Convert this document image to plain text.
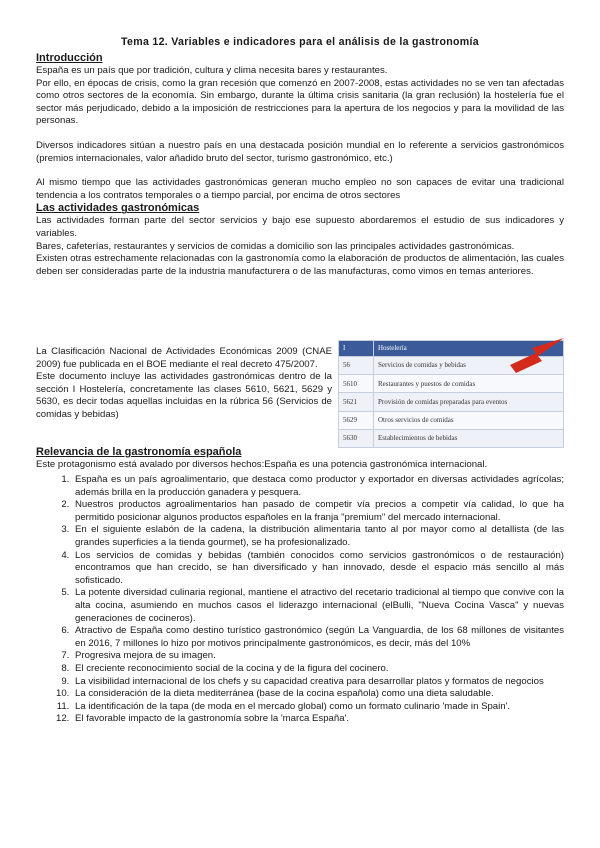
Tema 12. Variables e indicadores para el análisis de la gastronomía
Introducción

España es un país que por tradición, cultura y clima necesita bares y restaurantes.

Por ello, en épocas de crisis, como la gran recesión que comenzó en 2007-2008, estas actividades no se ven tan afectadas como otros sectores de la economía. Sin embargo, durante la última crisis sanitaria (la gran reclusión) la hostelería fue el sector más perjudicado, debido a la imposición de restricciones para la apertura de los negocios y para la movilidad de las personas.

Diversos indicadores sitúan a nuestro país en una destacada posición mundial en lo referente a servicios gastronómicos (premios internacionales, valor añadido bruto del sector, turismo gastronómico, etc.)

Al mismo tiempo que las actividades gastronómicas generan mucho empleo no son capaces de evitar una tradicional tendencia a los contratos temporales o a tiempo parcial, por encima de otros sectores

Las actividades gastronómicas

Las actividades forman parte del sector servicios y bajo ese supuesto abordaremos el estudio de sus indicadores y variables.

Bares, cafeterías, restaurantes y servicios de comidas a domicilio son las principales actividades gastronómicas.

Existen otras estrechamente relacionadas con la gastronomía como la elaboración de productos de alimentación, las cuales deben ser consideradas parte de la industria manufacturera o de las manufacturas, como vimos en temas anteriores.

La Clasificación Nacional de Actividades Económicas 2009 (CNAE 2009) fue publicada en el BOE mediante el real decreto 475/2007.

Este documento incluye las actividades gastronómicas dentro de la sección I Hostelería, concretamente las clases 5610, 5621, 5629 y 5630, es decir todas aquellas incluidas en la rúbrica 56 (Servicios de comidas y bebidas)

I	Hostelería
56	Servicios de comidas y bebidas
5610	Restaurantes y puestos de comidas
5621	Provisión de comidas preparadas para eventos
5629	Otros servicios de comidas
5630	Establecimientos de bebidas
Relevancia de la gastronomía española

Este protagonismo está avalado por diversos hechos:España es una potencia gastronómica internacional.

1. España es un país agroalimentario, que destaca como productor y exportador en diversas actividades agrícolas; además brilla en la producción ganadera y pesquera.
2. Nuestros productos agroalimentarios han pasado de competir vía precios a competir vía calidad, lo que ha permitido posicionar algunos productos españoles en la franja "premium" del mercado internacional.
3. En el siguiente eslabón de la cadena, la distribución alimentaria tanto al por mayor como al detallista (de las grandes superficies a la tienda gourmet), se ha profesionalizado.
4. Los servicios de comidas y bebidas (también conocidos como servicios gastronómicos o de restauración) encontramos que han crecido, se han diversificado y han innovado, desde el espacio más sencillo al más sofisticado.
5. La potente diversidad culinaria regional, mantiene el atractivo del recetario tradicional al tiempo que convive con la alta cocina, asumiendo en muchos casos el liderazgo internacional (elBulli, "Nueva Cocina Vasca" y nuevas generaciones de cocineros).
6. Atractivo de España como destino turístico gastronómico (según La Vanguardia, de los 68 millones de visitantes en 2016, 7 millones lo hizo por motivos principalmente gastronómicos, es decir, más del 10%
7. Progresiva mejora de su imagen.
8. El creciente reconocimiento social de la cocina y de la figura del cocinero.
9. La visibilidad internacional de los chefs y su capacidad creativa para desarrollar platos y formatos de negocios
10. La consideración de la dieta mediterránea (base de la cocina española) como una dieta saludable.
11. La identificación de la tapa (de moda en el mercado global) como un formato culinario 'made in Spain'.
12. El favorable impacto de la gastronomía sobre la 'marca España'.
